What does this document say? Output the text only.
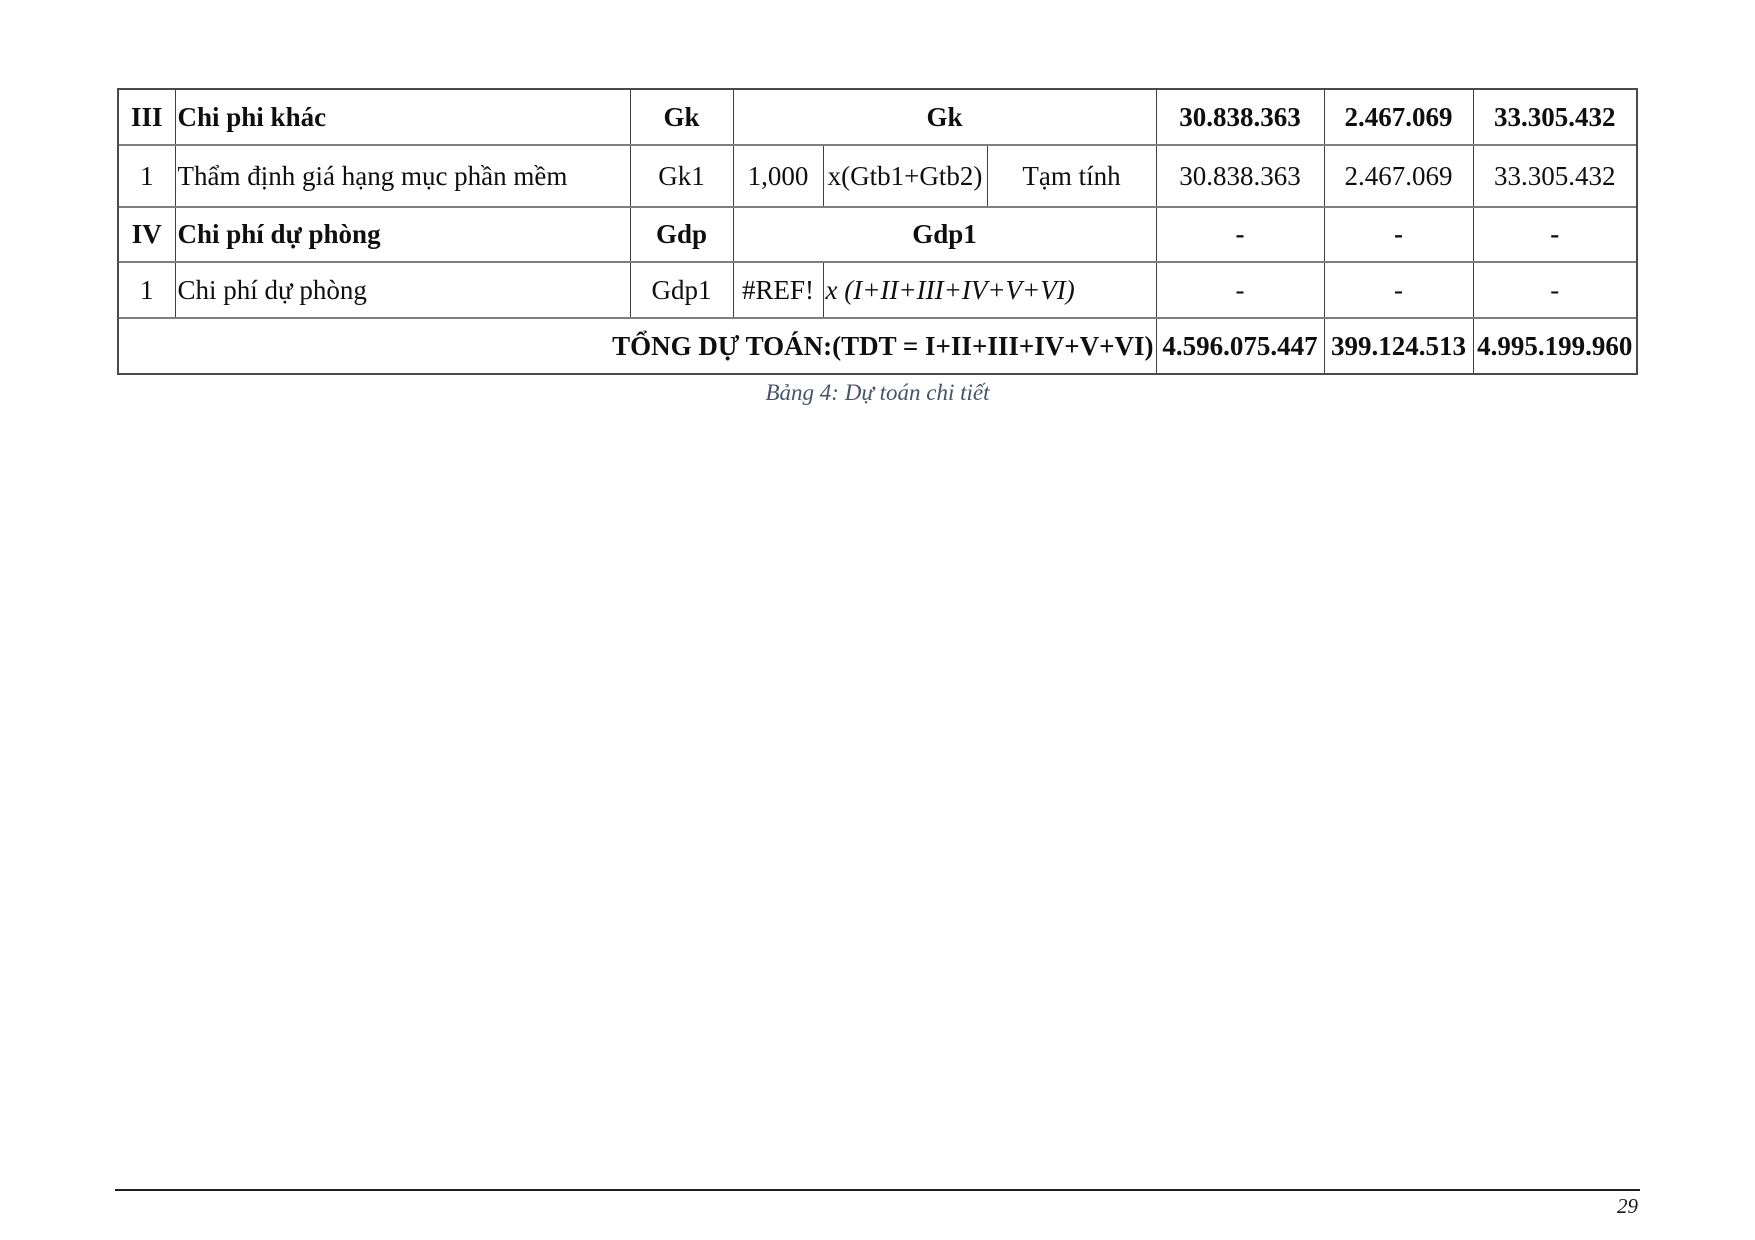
III	Chi phi khác	Gk	Gk			30.838.363	2.467.069	33.305.432
1	Thẩm định giá hạng mục phần mềm	Gk1	1,000	x(Gtb1+Gtb2)	Tạm tính	30.838.363	2.467.069	33.305.432
IV	Chi phí dự phòng	Gdp	Gdp1			-	-	-
1	Chi phí dự phòng	Gdp1	#REF!	x (I+II+III+IV+V+VI)		-	-	-
TỔNG DỰ TOÁN:(TDT = I+II+III+IV+V+VI)						4.596.075.447	399.124.513	4.995.199.960
Bảng 4: Dự toán chi tiết
29
